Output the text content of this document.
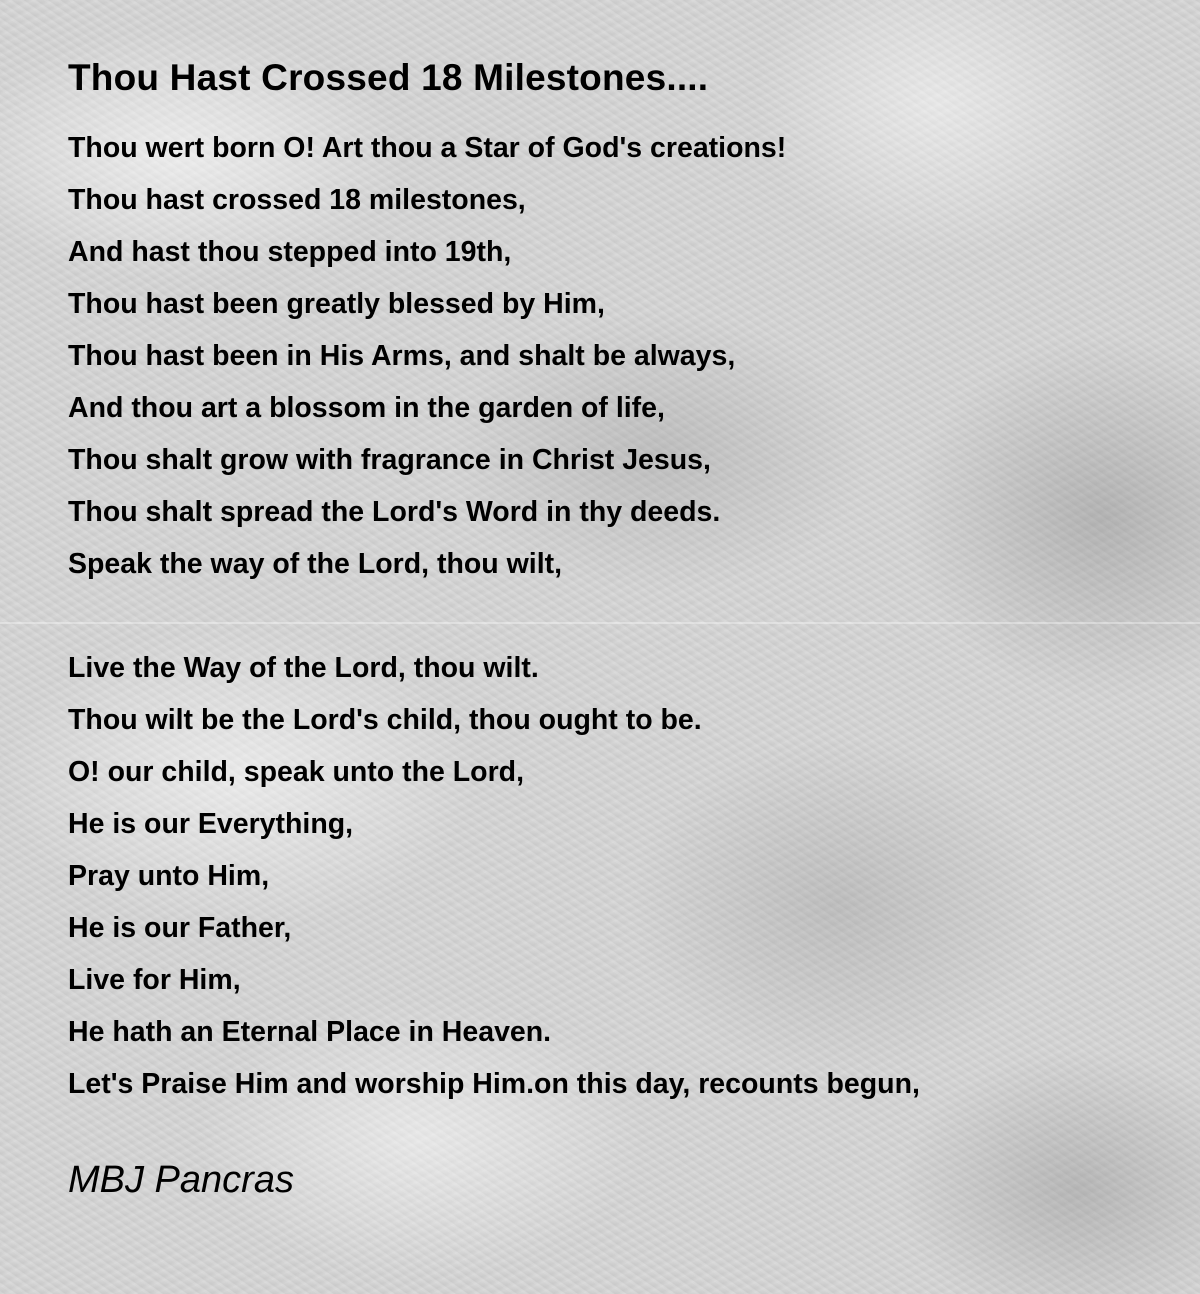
Thou Hast Crossed 18 Milestones....
Thou wert born O! Art thou a Star of God's creations!
Thou hast crossed 18 milestones,
And hast thou stepped into 19th,
Thou hast been greatly blessed by Him,
Thou hast been in His Arms, and shalt be always,
And thou art a blossom in the garden of life,
Thou shalt grow with fragrance in Christ Jesus,
Thou shalt spread the Lord's Word in thy deeds.
Speak the way of the Lord, thou wilt,
Live the Way of the Lord, thou wilt.
Thou wilt be the Lord's child, thou ought to be.
O! our child, speak unto the Lord,
He is our Everything,
Pray unto Him,
He is our Father,
Live for Him,
He hath an Eternal Place in Heaven.
Let's Praise Him and worship Him.on this day, recounts begun,
MBJ Pancras
